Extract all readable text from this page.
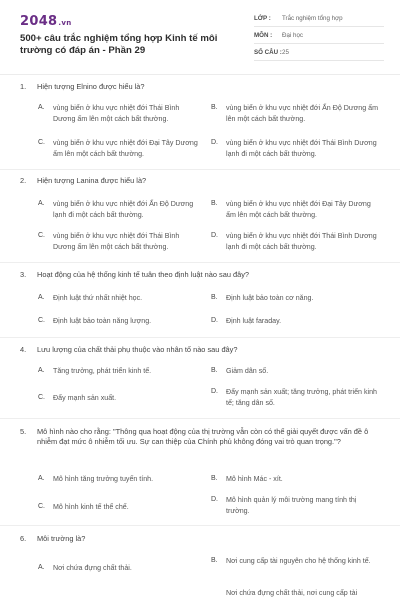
2048.vn
500+ câu trắc nghiệm tổng hợp Kinh tế môi trường có đáp án - Phần 29
LỚP :	Trắc nghiệm tổng hợp
MÔN :	Đại học
SỐ CÂU : 25
1.	Hiện tượng Elnino được hiểu là?
A.	vùng biển ở khu vực nhiệt đới Thái Bình Dương ấm lên một cách bất thường.
B.	vùng biển ở khu vực nhiệt đới Ấn Độ Dương ấm lên một cách bất thường.
C.	vùng biển ở khu vực nhiệt đới Đại Tây Dương ấm lên một cách bất thường.
D.	vùng biển ở khu vực nhiệt đới Thái Bình Dương lạnh đi một cách bất thường.
2.	Hiện tượng Lanina được hiểu là?
A.	vùng biển ở khu vực nhiệt đới Ấn Độ Dương lạnh đi một cách bất thường.
B.	vùng biển ở khu vực nhiệt đới Đại Tây Dương ấm lên một cách bất thường.
C.	vùng biển ở khu vực nhiệt đới Thái Bình Dương ấm lên một cách bất thường.
D.	vùng biển ở khu vực nhiệt đới Thái Bình Dương lạnh đi một cách bất thường.
3.	Hoạt động của hệ thống kinh tế tuân theo định luật nào sau đây?
A.	Định luật thứ nhất nhiệt học.	B.	Định luật bảo toàn cơ năng.
C.	Định luật bảo toàn năng lượng.	D.	Định luật faraday.
4.	Lưu lượng của chất thải phụ thuộc vào nhân tố nào sau đây?
A.	Tăng trưởng, phát triển kinh tế.	B.	Giảm dân số.
C.	Đẩy mạnh sản xuất.
D.	Đẩy mạnh sản xuất; tăng trưởng, phát triển kinh tế; tăng dân số.
5.	Mô hình nào cho rằng: "Thông qua hoạt động của thị trường vẫn còn có thể giải quyết được vấn đề ô nhiễm đạt mức ô nhiễm tối ưu. Sự can thiệp của Chính phủ không đóng vai trò quan trọng."?
A.	Mô hình tăng trưởng tuyến tính.	B.	Mô hình Mác - xít.
C.	Mô hình kinh tế thể chế.
D.	Mô hình quản lý môi trường mang tính thị trường.
6.	Môi trường là?
A.	Nơi chứa đựng chất thải.
B.	Nơi cung cấp tài nguyên cho hệ thống kinh tế.
Nơi chứa đựng chất thải, nơi cung cấp tài
